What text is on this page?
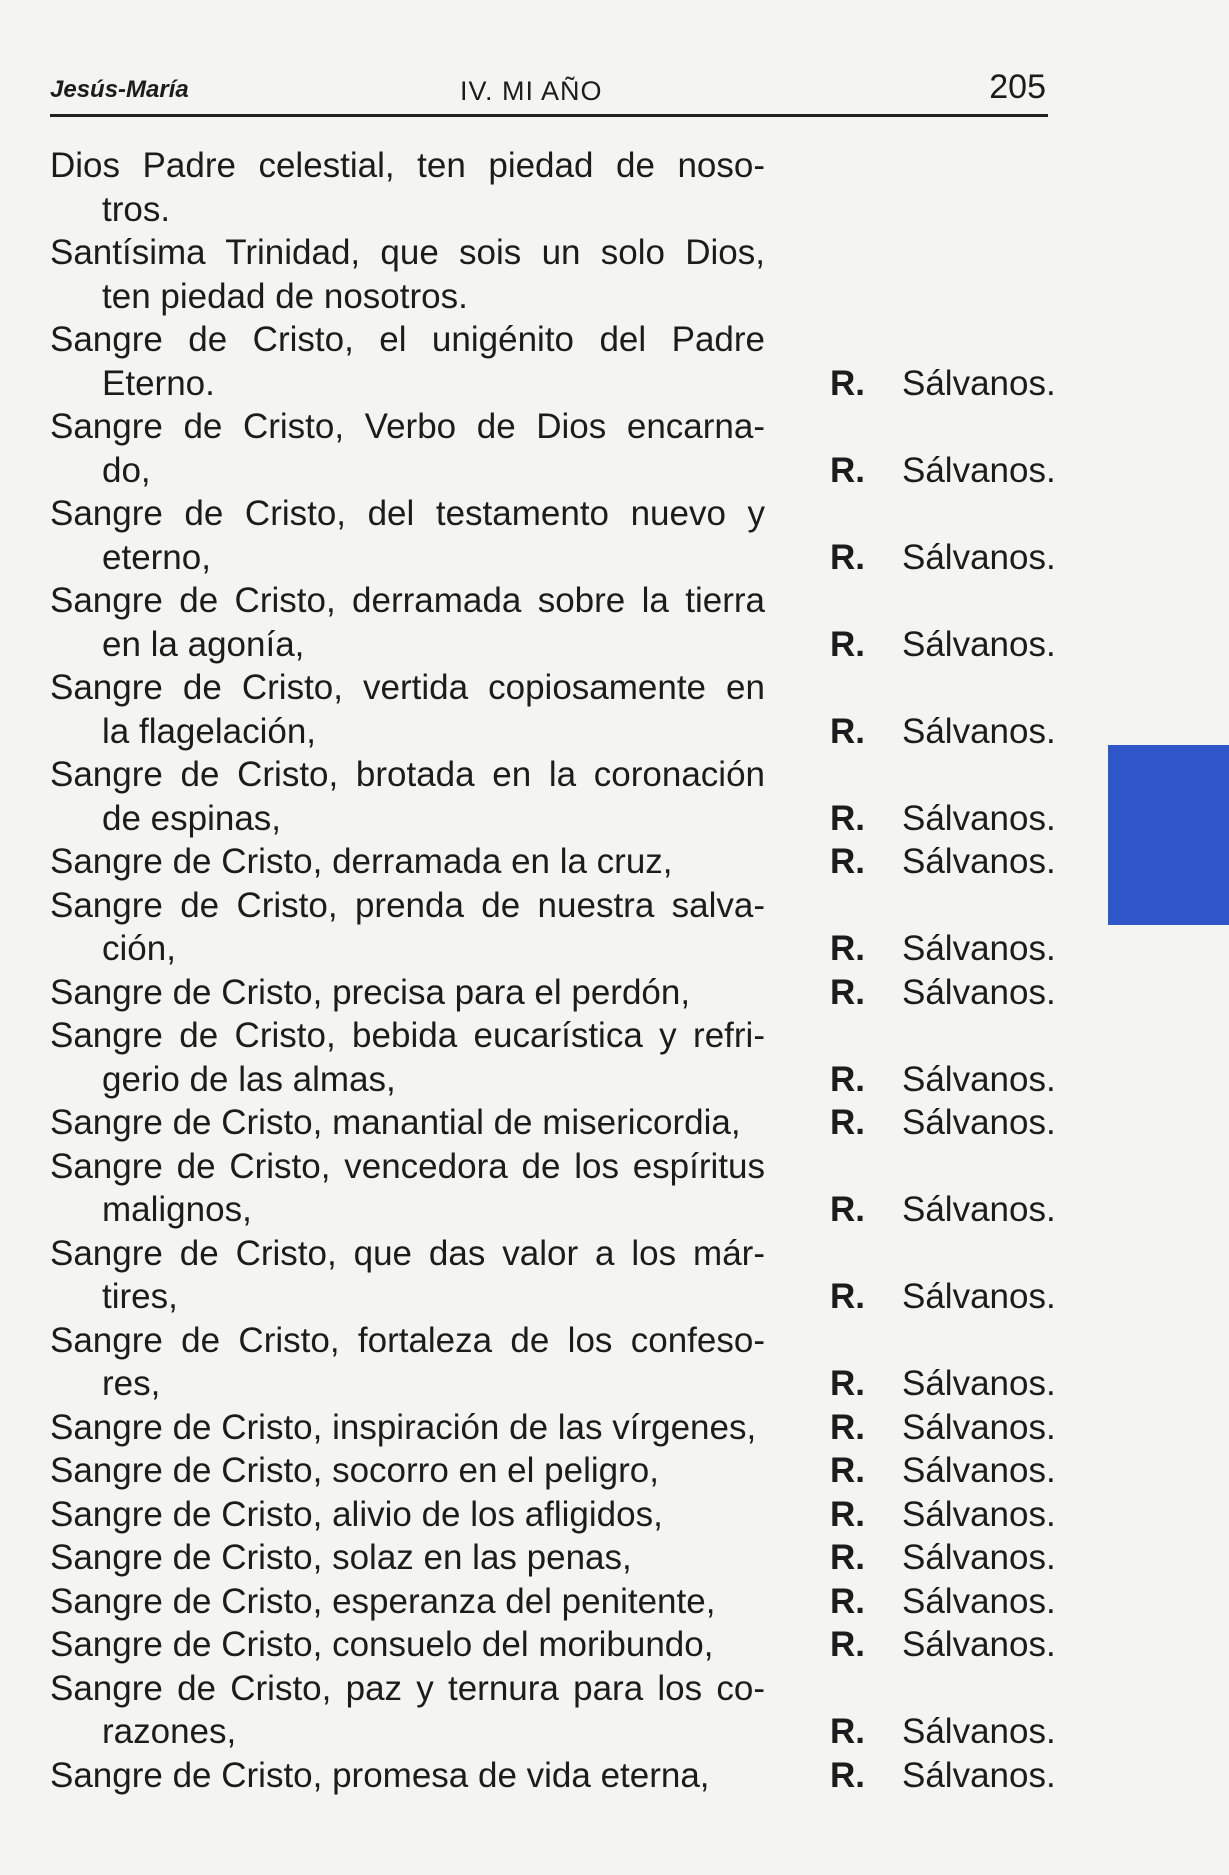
Jesús-María	IV. MI AÑO	205
Dios Padre celestial, ten piedad de noso-
tros.
Santísima Trinidad, que sois un solo Dios,
ten piedad de nosotros.
Sangre de Cristo, el unigénito del Padre
Eterno.	R. Sálvanos.
Sangre de Cristo, Verbo de Dios encarna-
do,	R. Sálvanos.
Sangre de Cristo, del testamento nuevo y
eterno,	R. Sálvanos.
Sangre de Cristo, derramada sobre la tierra
en la agonía,	R. Sálvanos.
Sangre de Cristo, vertida copiosamente en
la flagelación,	R. Sálvanos.
Sangre de Cristo, brotada en la coronación
de espinas,	R. Sálvanos.
Sangre de Cristo, derramada en la cruz,	R. Sálvanos.
Sangre de Cristo, prenda de nuestra salva-
ción,	R. Sálvanos.
Sangre de Cristo, precisa para el perdón,	R. Sálvanos.
Sangre de Cristo, bebida eucarística y refri-
gerio de las almas,	R. Sálvanos.
Sangre de Cristo, manantial de misericordia,	R. Sálvanos.
Sangre de Cristo, vencedora de los espíritus
malignos,	R. Sálvanos.
Sangre de Cristo, que das valor a los már-
tires,	R. Sálvanos.
Sangre de Cristo, fortaleza de los confeso-
res,	R. Sálvanos.
Sangre de Cristo, inspiración de las vírgenes, R. Sálvanos.
Sangre de Cristo, socorro en el peligro,	R. Sálvanos.
Sangre de Cristo, alivio de los afligidos,	R. Sálvanos.
Sangre de Cristo, solaz en las penas,	R. Sálvanos.
Sangre de Cristo, esperanza del penitente,	R. Sálvanos.
Sangre de Cristo, consuelo del moribundo,	R. Sálvanos.
Sangre de Cristo, paz y ternura para los co-
razones,	R. Sálvanos.
Sangre de Cristo, promesa de vida eterna,	R. Sálvanos.
